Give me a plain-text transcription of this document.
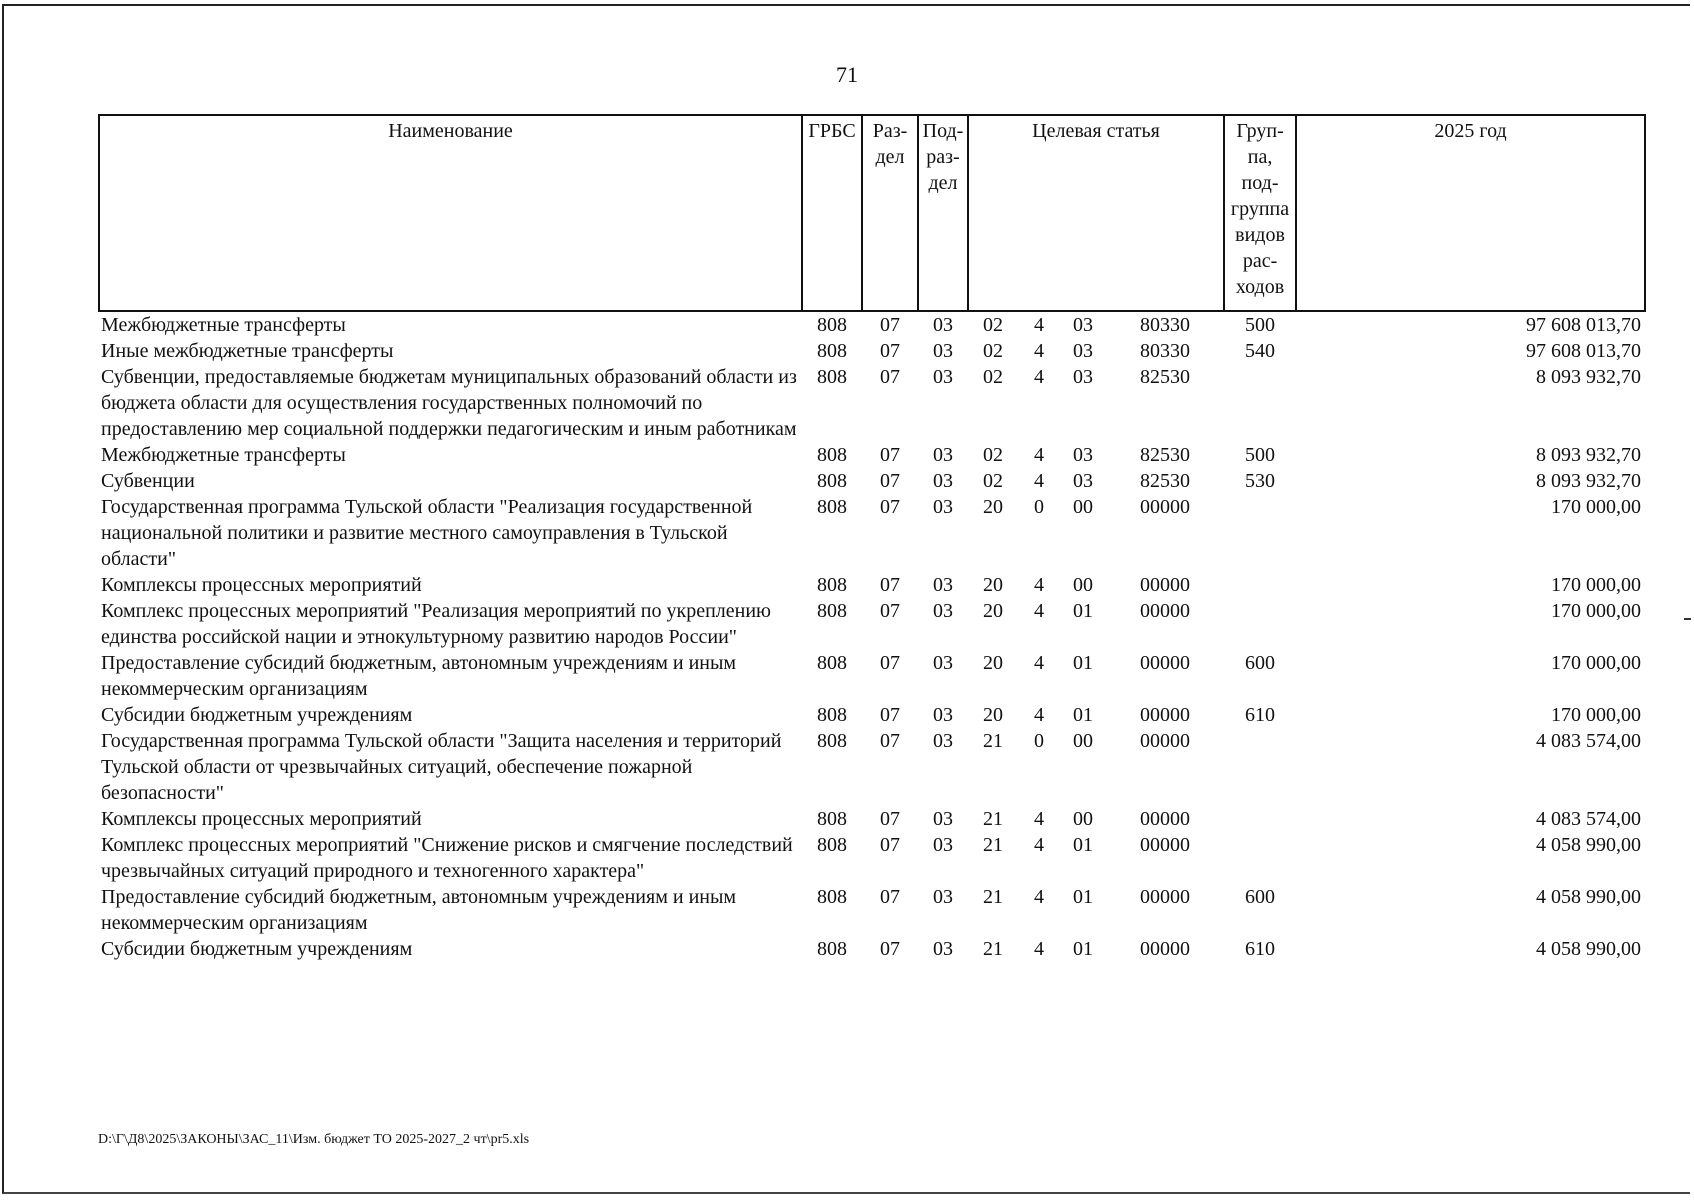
71
Наименование	ГРБС	Раз- дел	Под- раз- дел	Целевая статья				Груп- па, под- группа видов рас- ходов	2025 год
Межбюджетные трансферты	808	07	03	02	4	03	80330	500	97 608 013,70
Иные межбюджетные трансферты	808	07	03	02	4	03	80330	540	97 608 013,70
Субвенции, предоставляемые бюджетам муниципальных образований области из бюджета области для осуществления государственных полномочий по предоставлению мер социальной поддержки педагогическим и иным работникам	808	07	03	02	4	03	82530		8 093 932,70
Межбюджетные трансферты	808	07	03	02	4	03	82530	500	8 093 932,70
Субвенции	808	07	03	02	4	03	82530	530	8 093 932,70
Государственная программа Тульской области "Реализация государственной национальной политики и развитие местного самоуправления в Тульской области"	808	07	03	20	0	00	00000		170 000,00
Комплексы процессных мероприятий	808	07	03	20	4	00	00000		170 000,00
Комплекс процессных мероприятий "Реализация мероприятий по укреплению единства российской нации и этнокультурному развитию народов России"	808	07	03	20	4	01	00000		170 000,00
Предоставление субсидий бюджетным, автономным учреждениям и иным некоммерческим организациям	808	07	03	20	4	01	00000	600	170 000,00
Субсидии бюджетным учреждениям	808	07	03	20	4	01	00000	610	170 000,00
Государственная программа Тульской области "Защита населения и территорий Тульской области от чрезвычайных ситуаций, обеспечение пожарной безопасности"	808	07	03	21	0	00	00000		4 083 574,00
Комплексы процессных мероприятий	808	07	03	21	4	00	00000		4 083 574,00
Комплекс процессных мероприятий "Снижение рисков и смягчение последствий чрезвычайных ситуаций природного и техногенного характера"	808	07	03	21	4	01	00000		4 058 990,00
Предоставление субсидий бюджетным, автономным учреждениям и иным некоммерческим организациям	808	07	03	21	4	01	00000	600	4 058 990,00
Субсидии бюджетным учреждениям	808	07	03	21	4	01	00000	610	4 058 990,00
D:\Г\Д8\2025\ЗАКОНЫ\ЗАС_11\Изм. бюджет ТО 2025-2027_2 чт\pr5.xls
